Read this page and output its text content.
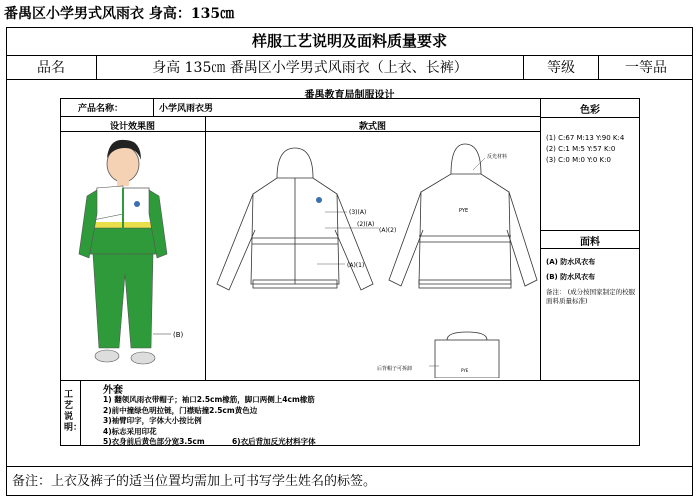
番禺区小学男式风雨衣 身高：135㎝
样服工艺说明及面料质量要求
品名	身高 135㎝ 番禺区小学男式风雨衣（上衣、长裤）	等级	一等品
番禺教育局制服设计
产品名称：	小学风雨衣男	色彩
(1) C:67 M:13 Y:90 K:4
(2) C:1 M:5 Y:57 K:0
(3) C:0 M:0 Y:0 K:0
面料
(A) 防水风衣布
(B) 防水风衣布
备注： (成分按国家制定的校服面料质量标准)
设计效果图	款式图
工艺说明：
外套
1) 翻领风雨衣带帽子；袖口2.5cm橡筋，脚口两侧上4cm橡筋
2)前中撞绿色明拉链，门襟贴撞2.5cm黄色边
3)袖臂印字，字体大小按比例
4)标志采用印花
5)衣身前后黄色部分宽3.5cm	6)衣后背加反光材料字体
(B)
(3)(A)
(2)(A)
(A)(2)
(A)(1)
反光材料
PYE
后背帽子可拆卸	PYE
备注：上衣及裤子的适当位置均需加上可书写学生姓名的标签。
